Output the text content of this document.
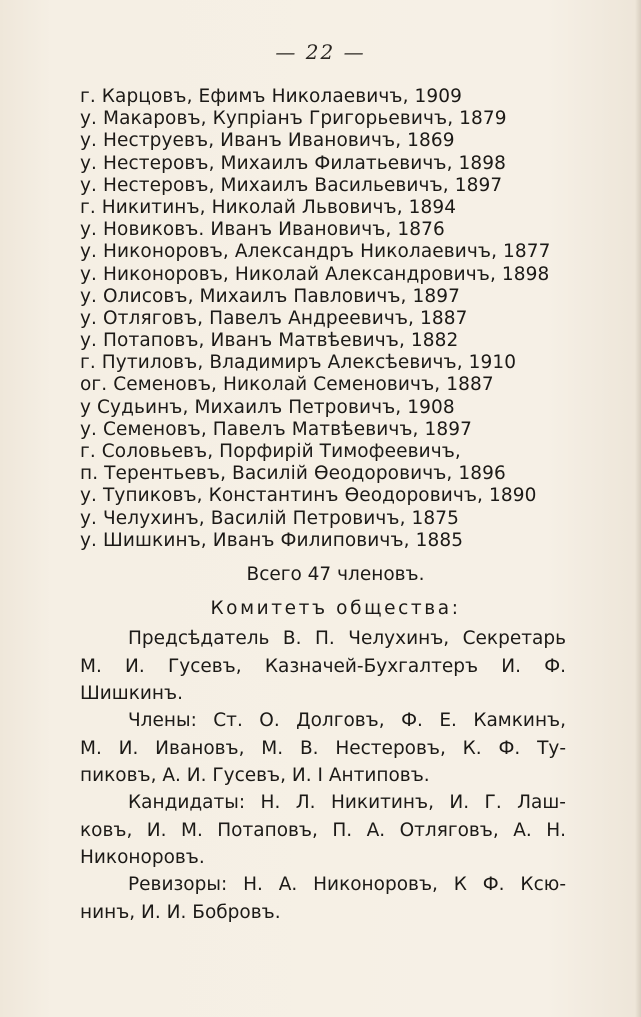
— 22 —
г. Карцовъ, Ефимъ Николаевичъ, 1909
у. Макаровъ, Купріанъ Григорьевичъ, 1879
у. Неструевъ, Иванъ Ивановичъ, 1869
у. Нестеровъ, Михаилъ Филатьевичъ, 1898
у. Нестеровъ, Михаилъ Васильевичъ, 1897
г. Никитинъ, Николай Львовичъ, 1894
у. Новиковъ. Иванъ Ивановичъ, 1876
у. Никоноровъ, Александръ Николаевичъ, 1877
у. Никоноровъ, Николай Александровичъ, 1898
у. Олисовъ, Михаилъ Павловичъ, 1897
у. Отляговъ, Павелъ Андреевичъ, 1887
у. Потаповъ, Иванъ Матвѣевичъ, 1882
г. Путиловъ, Владимиръ Алексѣевичъ, 1910
ог. Семеновъ, Николай Семеновичъ, 1887
у Судьинъ, Михаилъ Петровичъ, 1908
у. Семеновъ, Павелъ Матвѣевичъ, 1897
г. Соловьевъ, Порфирій Тимофеевичъ,
п. Терентьевъ, Василій Ѳеодоровичъ, 1896
у. Тупиковъ, Константинъ Ѳеодоровичъ, 1890
у. Челухинъ, Василій Петровичъ, 1875
у. Шишкинъ, Иванъ Филиповичъ, 1885
Всего 47 членовъ.
Комитетъ общества:
Предсѣдатель В. П. Челухинъ, Секретарь
М. И. Гусевъ, Казначей-Бухгалтеръ И. Ф.
Шишкинъ.
Члены: Ст. О. Долговъ, Ф. Е. Камкинъ,
М. И. Ивановъ, М. В. Нестеровъ, К. Ф. Ту-
пиковъ, А. И. Гусевъ, И. І Антиповъ.
Кандидаты: Н. Л. Никитинъ, И. Г. Лаш-
ковъ, И. М. Потаповъ, П. А. Отляговъ, А. Н.
Никоноровъ.
Ревизоры: Н. А. Никоноровъ, К Ф. Ксю-
нинъ, И. И. Бобровъ.
